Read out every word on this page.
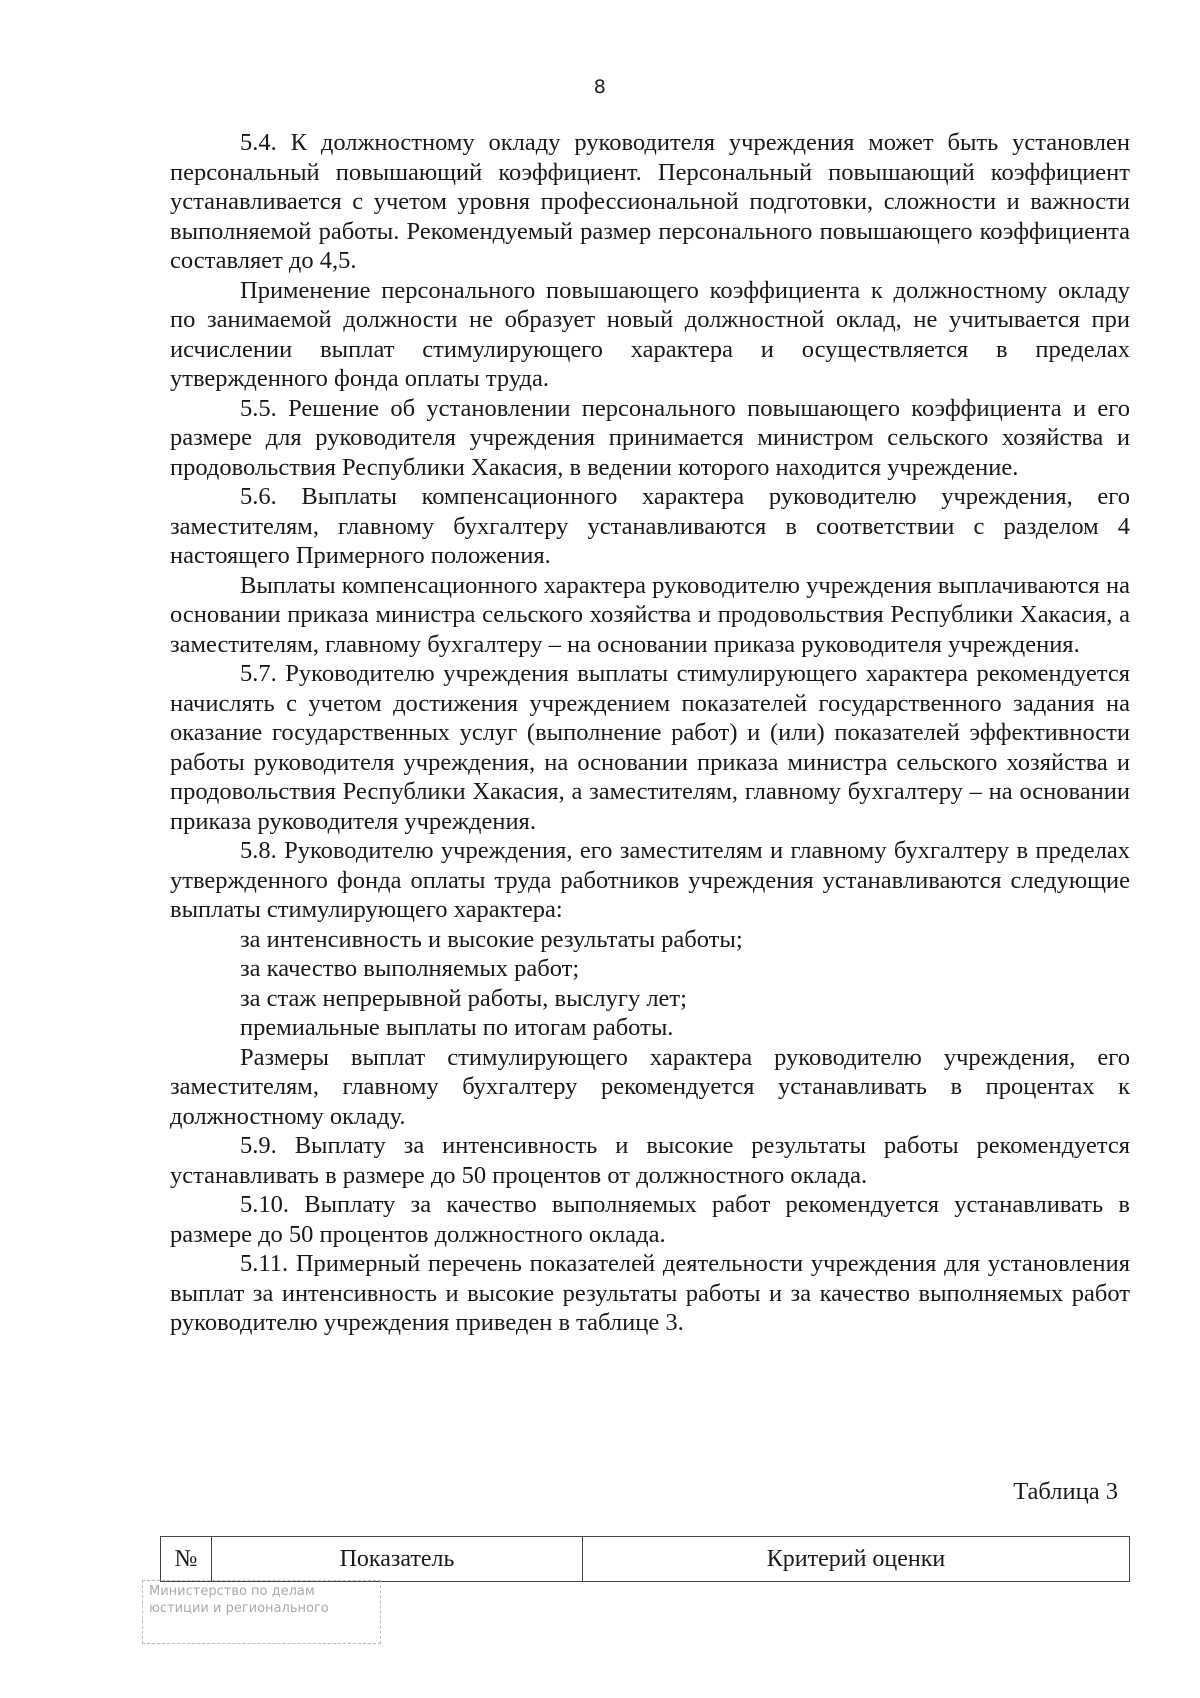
8

5.4. К должностному окладу руководителя учреждения может быть установлен персональный повышающий коэффициент. Персональный повышающий коэффициент устанавливается с учетом уровня профессиональной подготовки, сложности и важности выполняемой работы. Рекомендуемый размер персонального повышающего коэффициента составляет до 4,5.

Применение персонального повышающего коэффициента к должностному окладу по занимаемой должности не образует новый должностной оклад, не учитывается при исчислении выплат стимулирующего характера и осуществляется в пределах утвержденного фонда оплаты труда.

5.5. Решение об установлении персонального повышающего коэффициента и его размере для руководителя учреждения принимается министром сельского хозяйства и продовольствия Республики Хакасия, в ведении которого находится учреждение.

5.6. Выплаты компенсационного характера руководителю учреждения, его заместителям, главному бухгалтеру устанавливаются в соответствии с разделом 4 настоящего Примерного положения.

Выплаты компенсационного характера руководителю учреждения выплачиваются на основании приказа министра сельского хозяйства и продовольствия Республики Хакасия, а заместителям, главному бухгалтеру – на основании приказа руководителя учреждения.

5.7. Руководителю учреждения выплаты стимулирующего характера рекомендуется начислять с учетом достижения учреждением показателей государственного задания на оказание государственных услуг (выполнение работ) и (или) показателей эффективности работы руководителя учреждения, на основании приказа министра сельского хозяйства и продовольствия Республики Хакасия, а заместителям, главному бухгалтеру – на основании приказа руководителя учреждения.

5.8. Руководителю учреждения, его заместителям и главному бухгалтеру в пределах утвержденного фонда оплаты труда работников учреждения устанавливаются следующие выплаты стимулирующего характера:

за интенсивность и высокие результаты работы;

за качество выполняемых работ;

за стаж непрерывной работы, выслугу лет;

премиальные выплаты по итогам работы.

Размеры выплат стимулирующего характера руководителю учреждения, его заместителям, главному бухгалтеру рекомендуется устанавливать в процентах к должностному окладу.

5.9. Выплату за интенсивность и высокие результаты работы рекомендуется устанавливать в размере до 50 процентов от должностного оклада.

5.10. Выплату за качество выполняемых работ рекомендуется устанавливать в размере до 50 процентов должностного оклада.

5.11. Примерный перечень показателей деятельности учреждения для установления выплат за интенсивность и высокие результаты работы и за качество выполняемых работ руководителю учреждения приведен в таблице 3.

Таблица 3
№	Показатель	Критерий оценки
Министерство по делам
юстиции и регионального
